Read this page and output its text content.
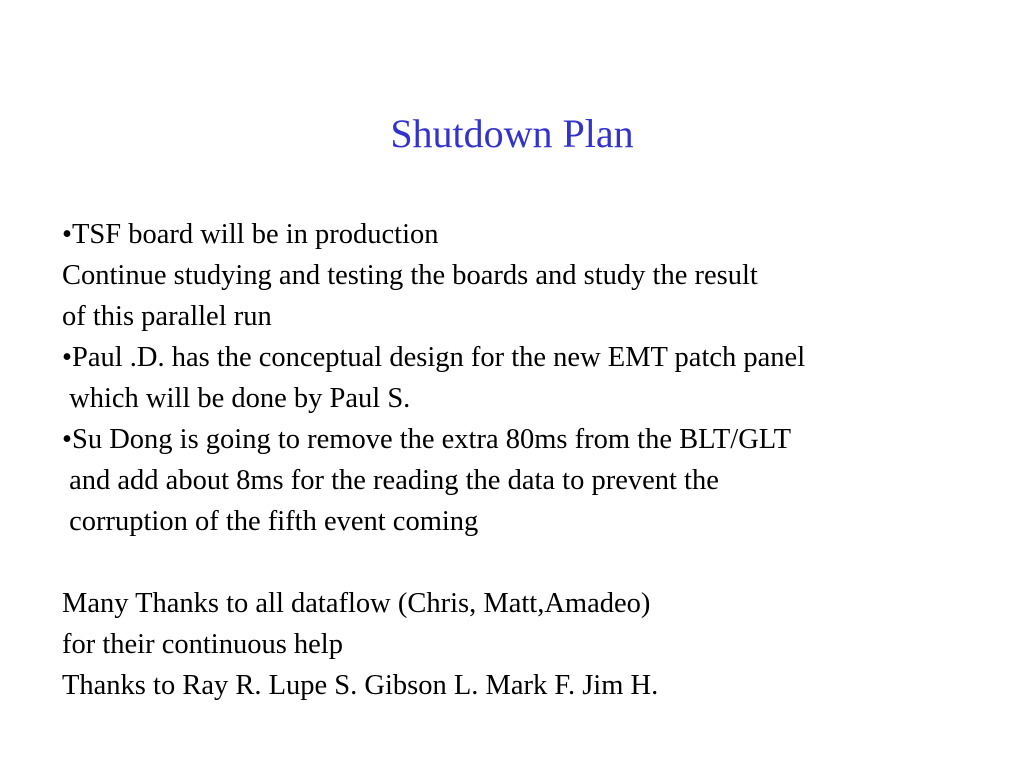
Shutdown Plan
•TSF board will be in production
Continue studying and testing the boards and study the result
of this parallel run
•Paul .D. has the conceptual design for the new EMT patch panel
which will be done by Paul S.
•Su Dong is going to remove the extra 80ms from the BLT/GLT
and add about 8ms for the reading the data to prevent the
corruption of the fifth event coming
Many Thanks to all dataflow (Chris, Matt,Amadeo)
for their continuous help
Thanks to Ray R. Lupe S. Gibson L. Mark F. Jim H.
